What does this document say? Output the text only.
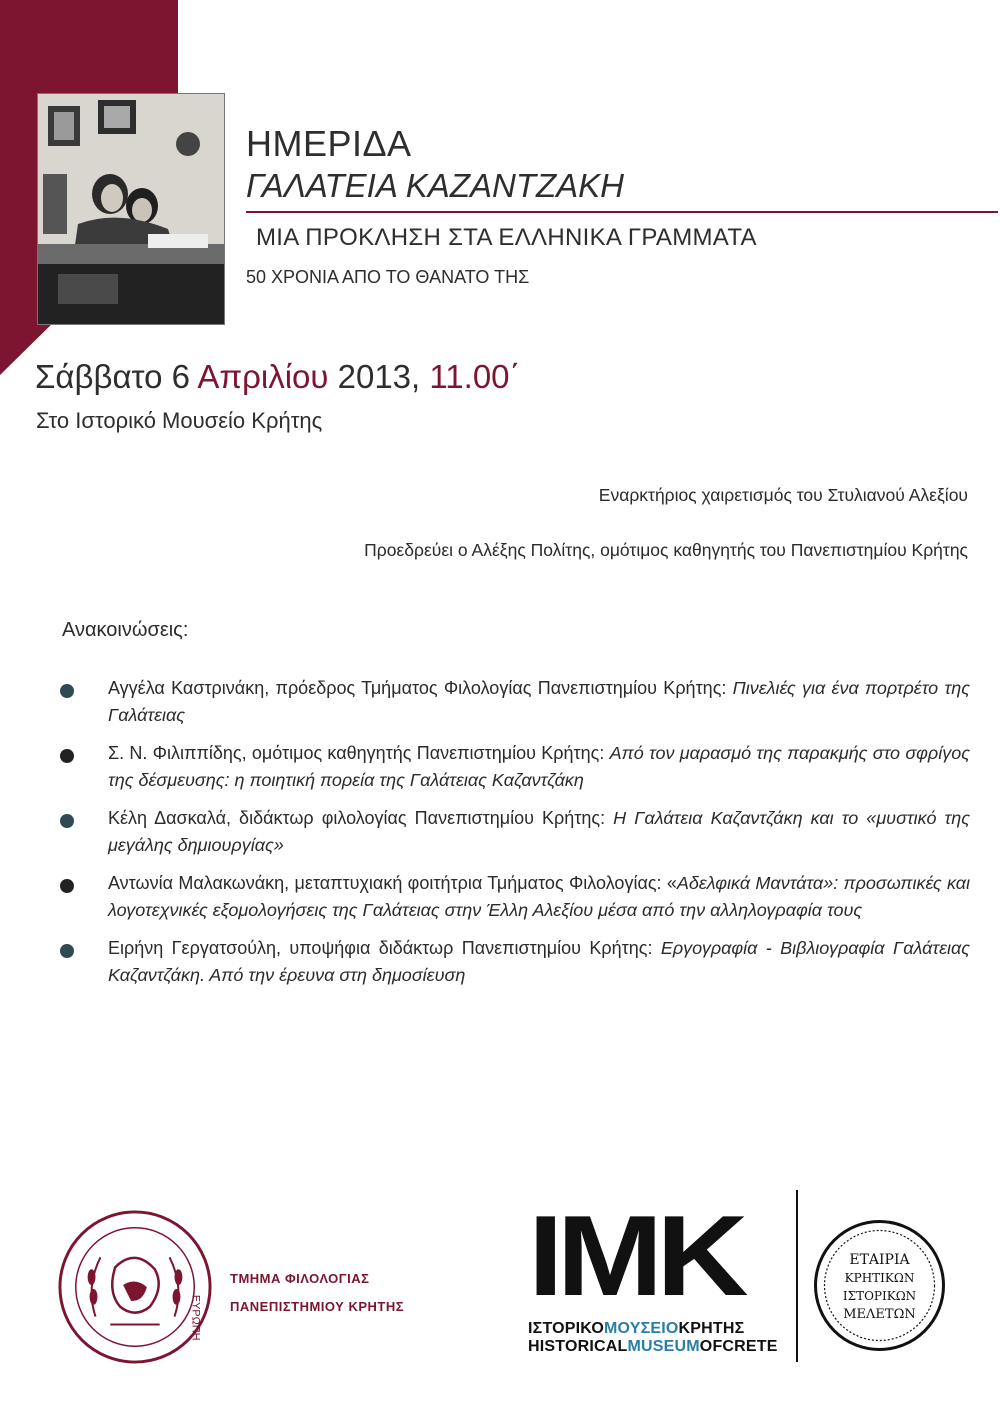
ΗΜΕΡΙΔΑ
ΓΑΛΑΤΕΙΑ ΚΑΖΑΝΤΖΑΚΗ
ΜΙΑ ΠΡΟΚΛΗΣΗ ΣΤΑ ΕΛΛΗΝΙΚΑ ΓΡΑΜΜΑΤΑ
50 ΧΡΟΝΙΑ ΑΠΟ ΤΟ ΘΑΝΑΤΟ ΤΗΣ
Σάββατο 6 Απριλίου 2013, 11.00΄
Στο Ιστορικό Μουσείο Κρήτης
Εναρκτήριος χαιρετισμός του Στυλιανού Αλεξίου
Προεδρεύει ο Αλέξης Πολίτης, ομότιμος καθηγητής του Πανεπιστημίου Κρήτης
Ανακοινώσεις:
Αγγέλα Καστρινάκη, πρόεδρος Τμήματος Φιλολογίας Πανεπιστημίου Κρήτης: Πινελιές για ένα πορτρέτο της Γαλάτειας
Σ. Ν. Φιλιππίδης, ομότιμος καθηγητής Πανεπιστημίου Κρήτης: Από τον μαρασμό της παρακμής στο σφρίγος της δέσμευσης: η ποιητική πορεία της Γαλάτειας Καζαντζάκη
Κέλη Δασκαλά, διδάκτωρ φιλολογίας Πανεπιστημίου Κρήτης: Η Γαλάτεια Καζαντζάκη και το «μυστικό της μεγάλης δημιουργίας»
Αντωνία Μαλακωνάκη, μεταπτυχιακή φοιτήτρια Τμήματος Φιλολογίας: «Αδελφικά Μαντάτα»: προσωπικές και λογοτεχνικές εξομολογήσεις της Γαλάτειας στην Έλλη Αλεξίου μέσα από την αλληλογραφία τους
Ειρήνη Γεργατσούλη, υποψήφια διδάκτωρ Πανεπιστημίου Κρήτης: Εργογραφία - Βιβλιογραφία Γαλάτειας Καζαντζάκη. Από την έρευνα στη δημοσίευση
ΕΥΡΩΠΗ
ΤΜΗΜΑ ΦΙΛΟΛΟΓΙΑΣ
ΠΑΝΕΠΙΣΤΗΜΙΟΥ ΚΡΗΤΗΣ IMK
ΙΣΤΟΡΙΚΟΜΟΥΣΕΙΟΚΡΗΤΗΣ
HISTORICALMUSEUMOFCRETE
ΕΤΑΙΡΙΑ
ΚΡΗΤΙΚΩΝ
ΙΣΤΟΡΙΚΩΝ
ΜΕΛΕΤΩΝ
